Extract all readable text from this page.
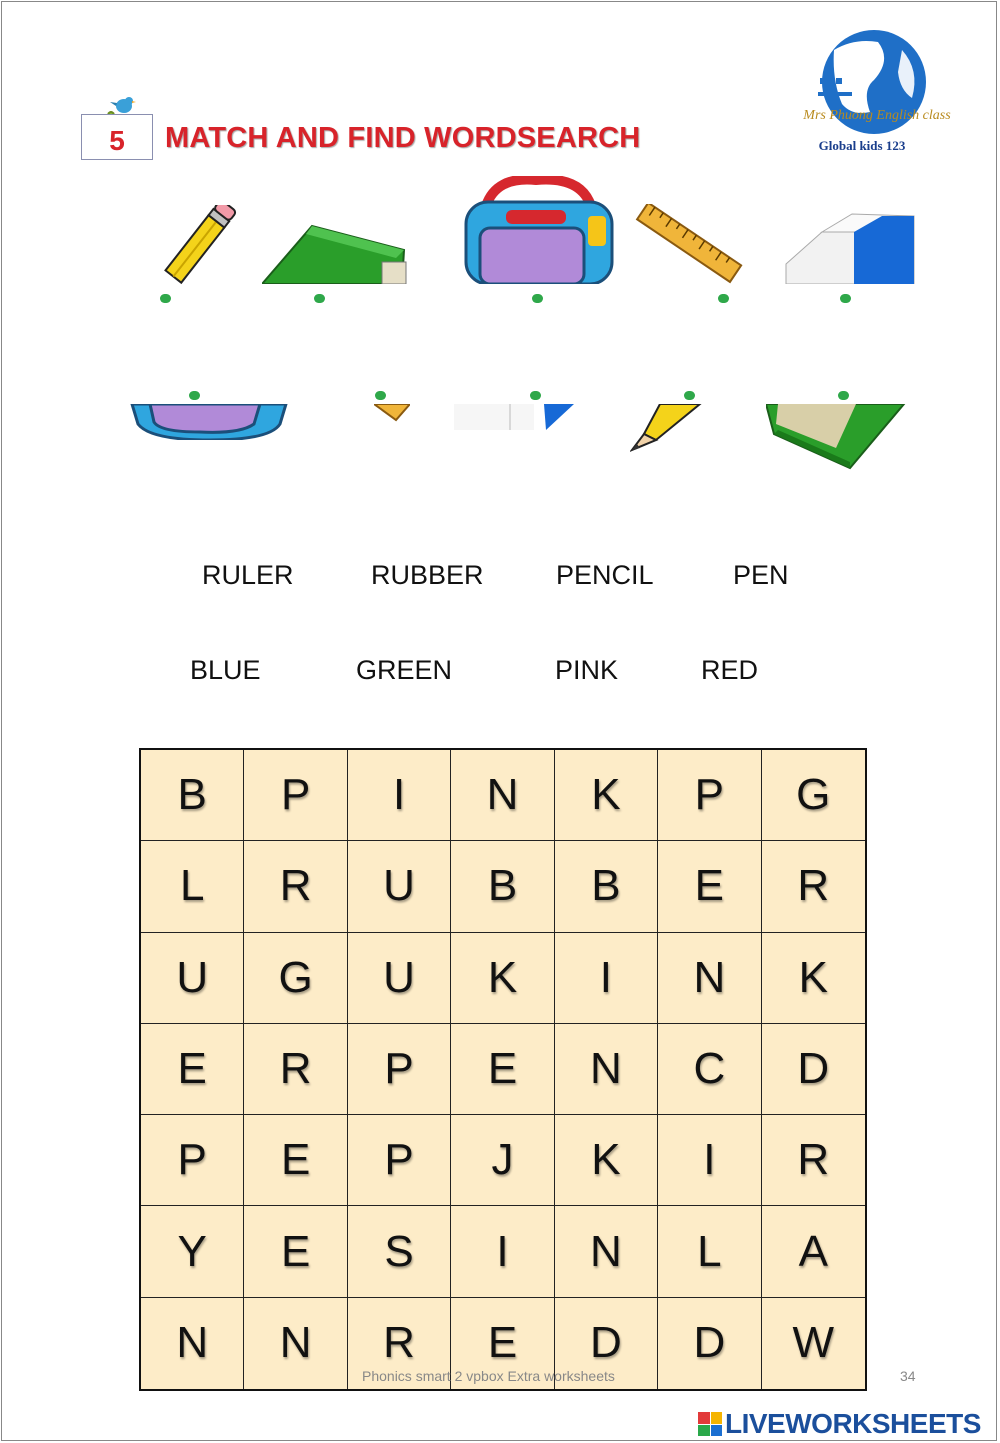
5	MATCH AND FIND WORDSEARCH
Mrs Phuong English class
Global kids 123
RULER	RUBBER	PENCIL	PEN
BLUE	GREEN	PINK	RED
B	P	I	N	K	P	G
L	R	U	B	B	E	R
U	G	U	K	I	N	K
E	R	P	E	N	C	D
P	E	P	J	K	I	R
Y	E	S	I	N	L	A
N	N	R	E	D	D	W
Phonics smart 2 vpbox Extra worksheets	34
LIVEWORKSHEETS
